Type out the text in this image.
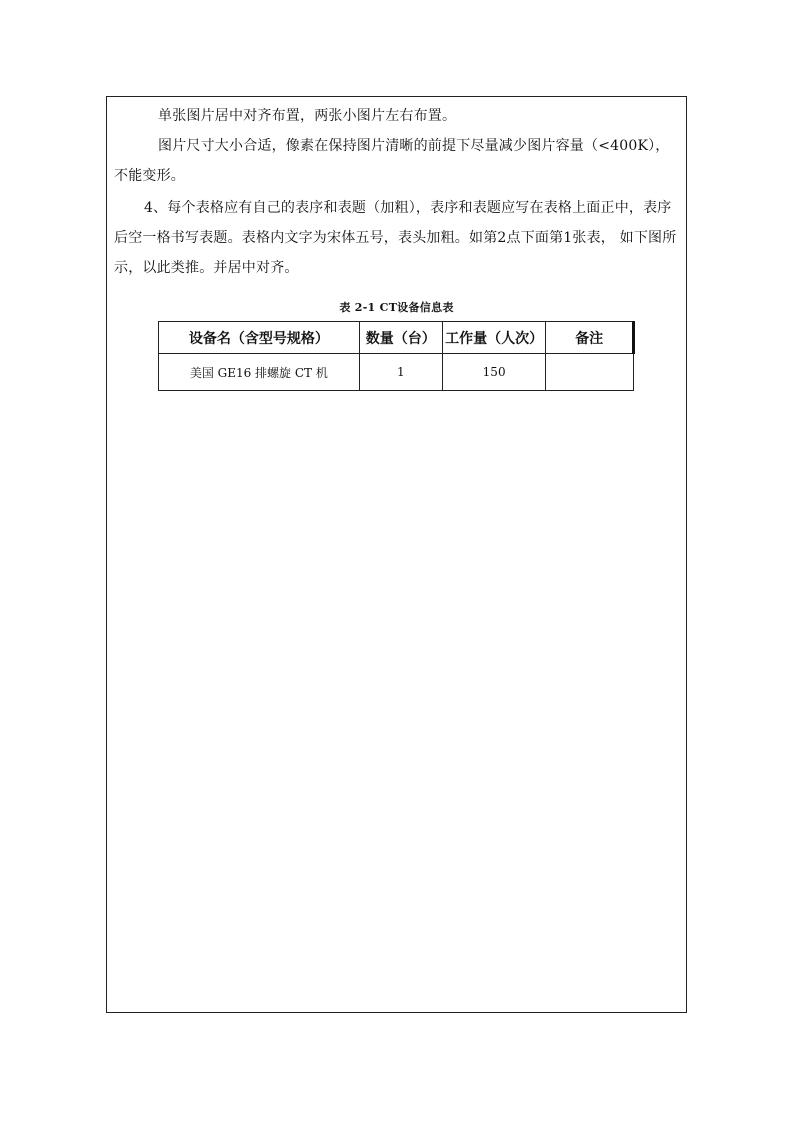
单张图片居中对齐布置，两张小图片左右布置。

图片尺寸大小合适，像素在保持图片清晰的前提下尽量减少图片容量（<400K），不能变形。

4、每个表格应有自己的表序和表题（加粗），表序和表题应写在表格上面正中，表序后空一格书写表题。表格内文字为宋体五号，表头加粗。如第2点下面第1张表， 如下图所示，以此类推。并居中对齐。

表 2-1 CT设备信息表
设备名（含型号规格）	数量（台）	工作量（人次）	备注
美国 GE16 排螺旋 CT 机	1	150	
